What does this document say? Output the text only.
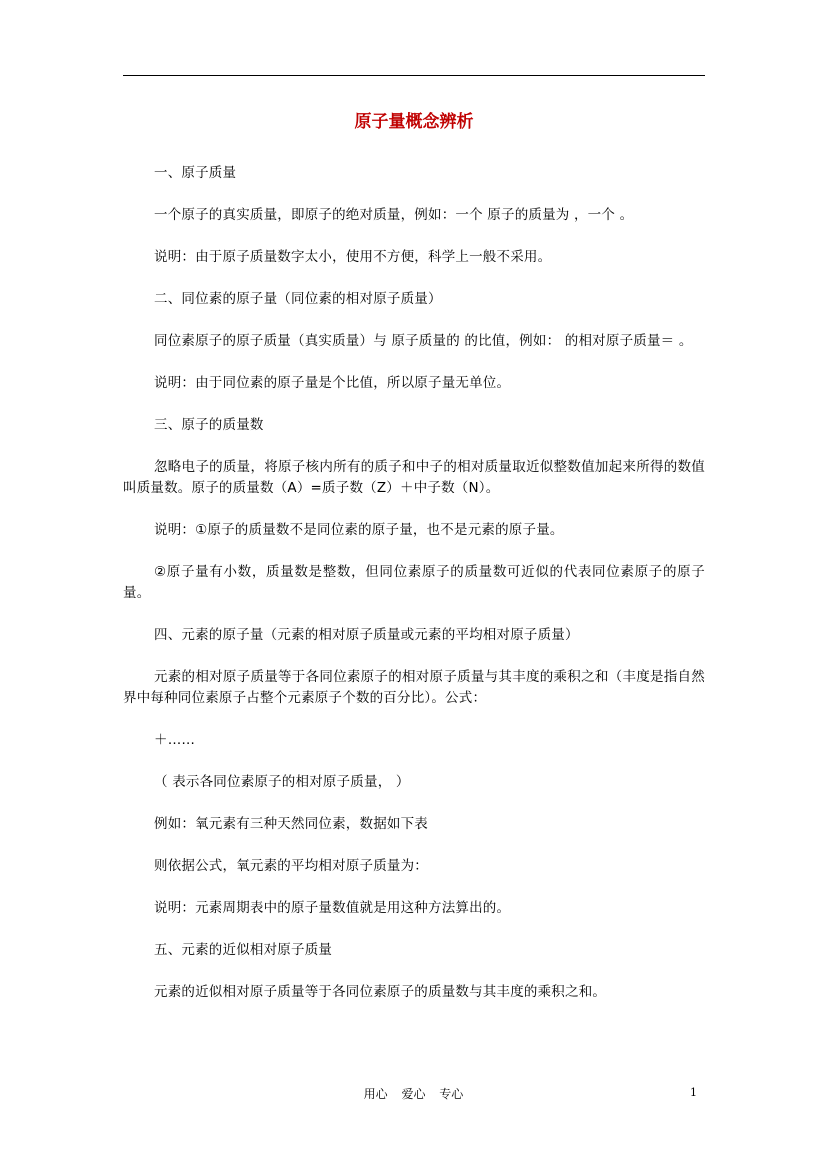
原子量概念辨析

一、原子质量

一个原子的真实质量，即原子的绝对质量，例如：一个 原子的质量为 ，一个 。

说明：由于原子质量数字太小，使用不方便，科学上一般不采用。

二、同位素的原子量（同位素的相对原子质量）

同位素原子的原子质量（真实质量）与 原子质量的 的比值，例如： 的相对原子质量＝ 。

说明：由于同位素的原子量是个比值，所以原子量无单位。

三、原子的质量数

忽略电子的质量，将原子核内所有的质子和中子的相对质量取近似整数值加起来所得的数值叫质量数。原子的质量数（A）=质子数（Z）＋中子数（N）。

说明：①原子的质量数不是同位素的原子量，也不是元素的原子量。

②原子量有小数，质量数是整数，但同位素原子的质量数可近似的代表同位素原子的原子量。

四、元素的原子量（元素的相对原子质量或元素的平均相对原子质量）

元素的相对原子质量等于各同位素原子的相对原子质量与其丰度的乘积之和（丰度是指自然界中每种同位素原子占整个元素原子个数的百分比）。公式：

＋……

（ 表示各同位素原子的相对原子质量， ）

例如：氧元素有三种天然同位素，数据如下表

则依据公式，氧元素的平均相对原子质量为：

说明：元素周期表中的原子量数值就是用这种方法算出的。

五、元素的近似相对原子质量

元素的近似相对原子质量等于各同位素原子的质量数与其丰度的乘积之和。

用心 爱心 专心	1
